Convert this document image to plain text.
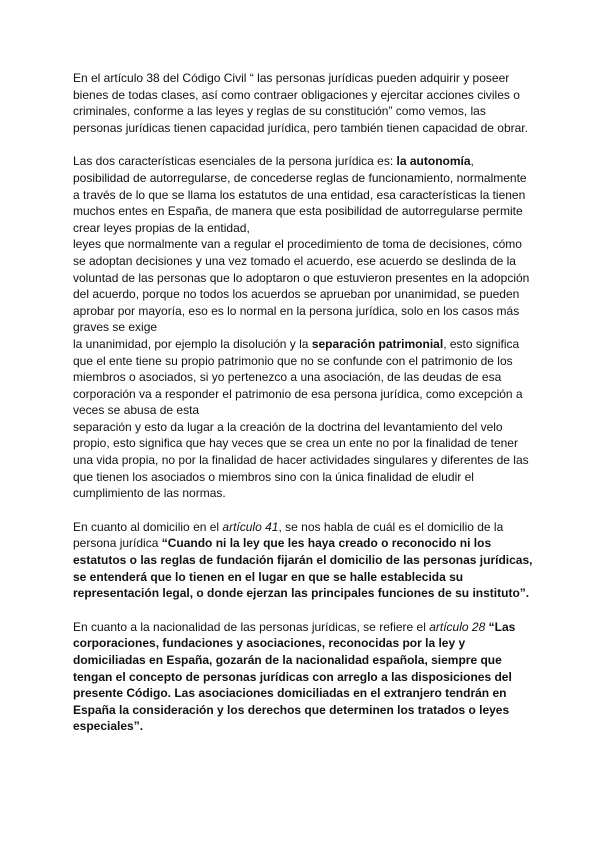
En el artículo 38 del Código Civil “ las personas jurídicas pueden adquirir y poseer bienes de todas clases, así como contraer obligaciones y ejercitar acciones civiles o criminales, conforme a las leyes y reglas de su constitución” como vemos, las personas jurídicas tienen capacidad jurídica, pero también tienen capacidad de obrar.

Las dos características esenciales de la persona jurídica es: la autonomía, posibilidad de autorregularse, de concederse reglas de funcionamiento, normalmente a través de lo que se llama los estatutos de una entidad, esa características la tienen muchos entes en España, de manera que esta posibilidad de autorregularse permite crear leyes propias de la entidad,
leyes que normalmente van a regular el procedimiento de toma de decisiones, cómo se adoptan decisiones y una vez tomado el acuerdo, ese acuerdo se deslinda de la voluntad de las personas que lo adoptaron o que estuvieron presentes en la adopción del acuerdo, porque no todos los acuerdos se aprueban por unanimidad, se pueden aprobar por mayoría, eso es lo normal en la persona jurídica, solo en los casos más graves se exige
la unanimidad, por ejemplo la disolución y la separación patrimonial, esto significa que el ente tiene su propio patrimonio que no se confunde con el patrimonio de los miembros o asociados, si yo pertenezco a una asociación, de las deudas de esa corporación va a responder el patrimonio de esa persona jurídica, como excepción a veces se abusa de esta
separación y esto da lugar a la creación de la doctrina del levantamiento del velo propio, esto significa que hay veces que se crea un ente no por la finalidad de tener una vida propia, no por la finalidad de hacer actividades singulares y diferentes de las que tienen los asociados o miembros sino con la única finalidad de eludir el cumplimiento de las normas.

En cuanto al domicilio en el artículo 41, se nos habla de cuál es el domicilio de la persona jurídica “Cuando ni la ley que les haya creado o reconocido ni los estatutos o las reglas de fundación fijarán el domicilio de las personas jurídicas, se entenderá que lo tienen en el lugar en que se halle establecida su representación legal, o donde ejerzan las principales funciones de su instituto”.

En cuanto a la nacionalidad de las personas jurídicas, se refiere el artículo 28 “Las corporaciones, fundaciones y asociaciones, reconocidas por la ley y domiciliadas en España, gozarán de la nacionalidad española, siempre que tengan el concepto de personas jurídicas con arreglo a las disposiciones del presente Código. Las asociaciones domiciliadas en el extranjero tendrán en España la consideración y los derechos que determinen los tratados o leyes especiales”.
